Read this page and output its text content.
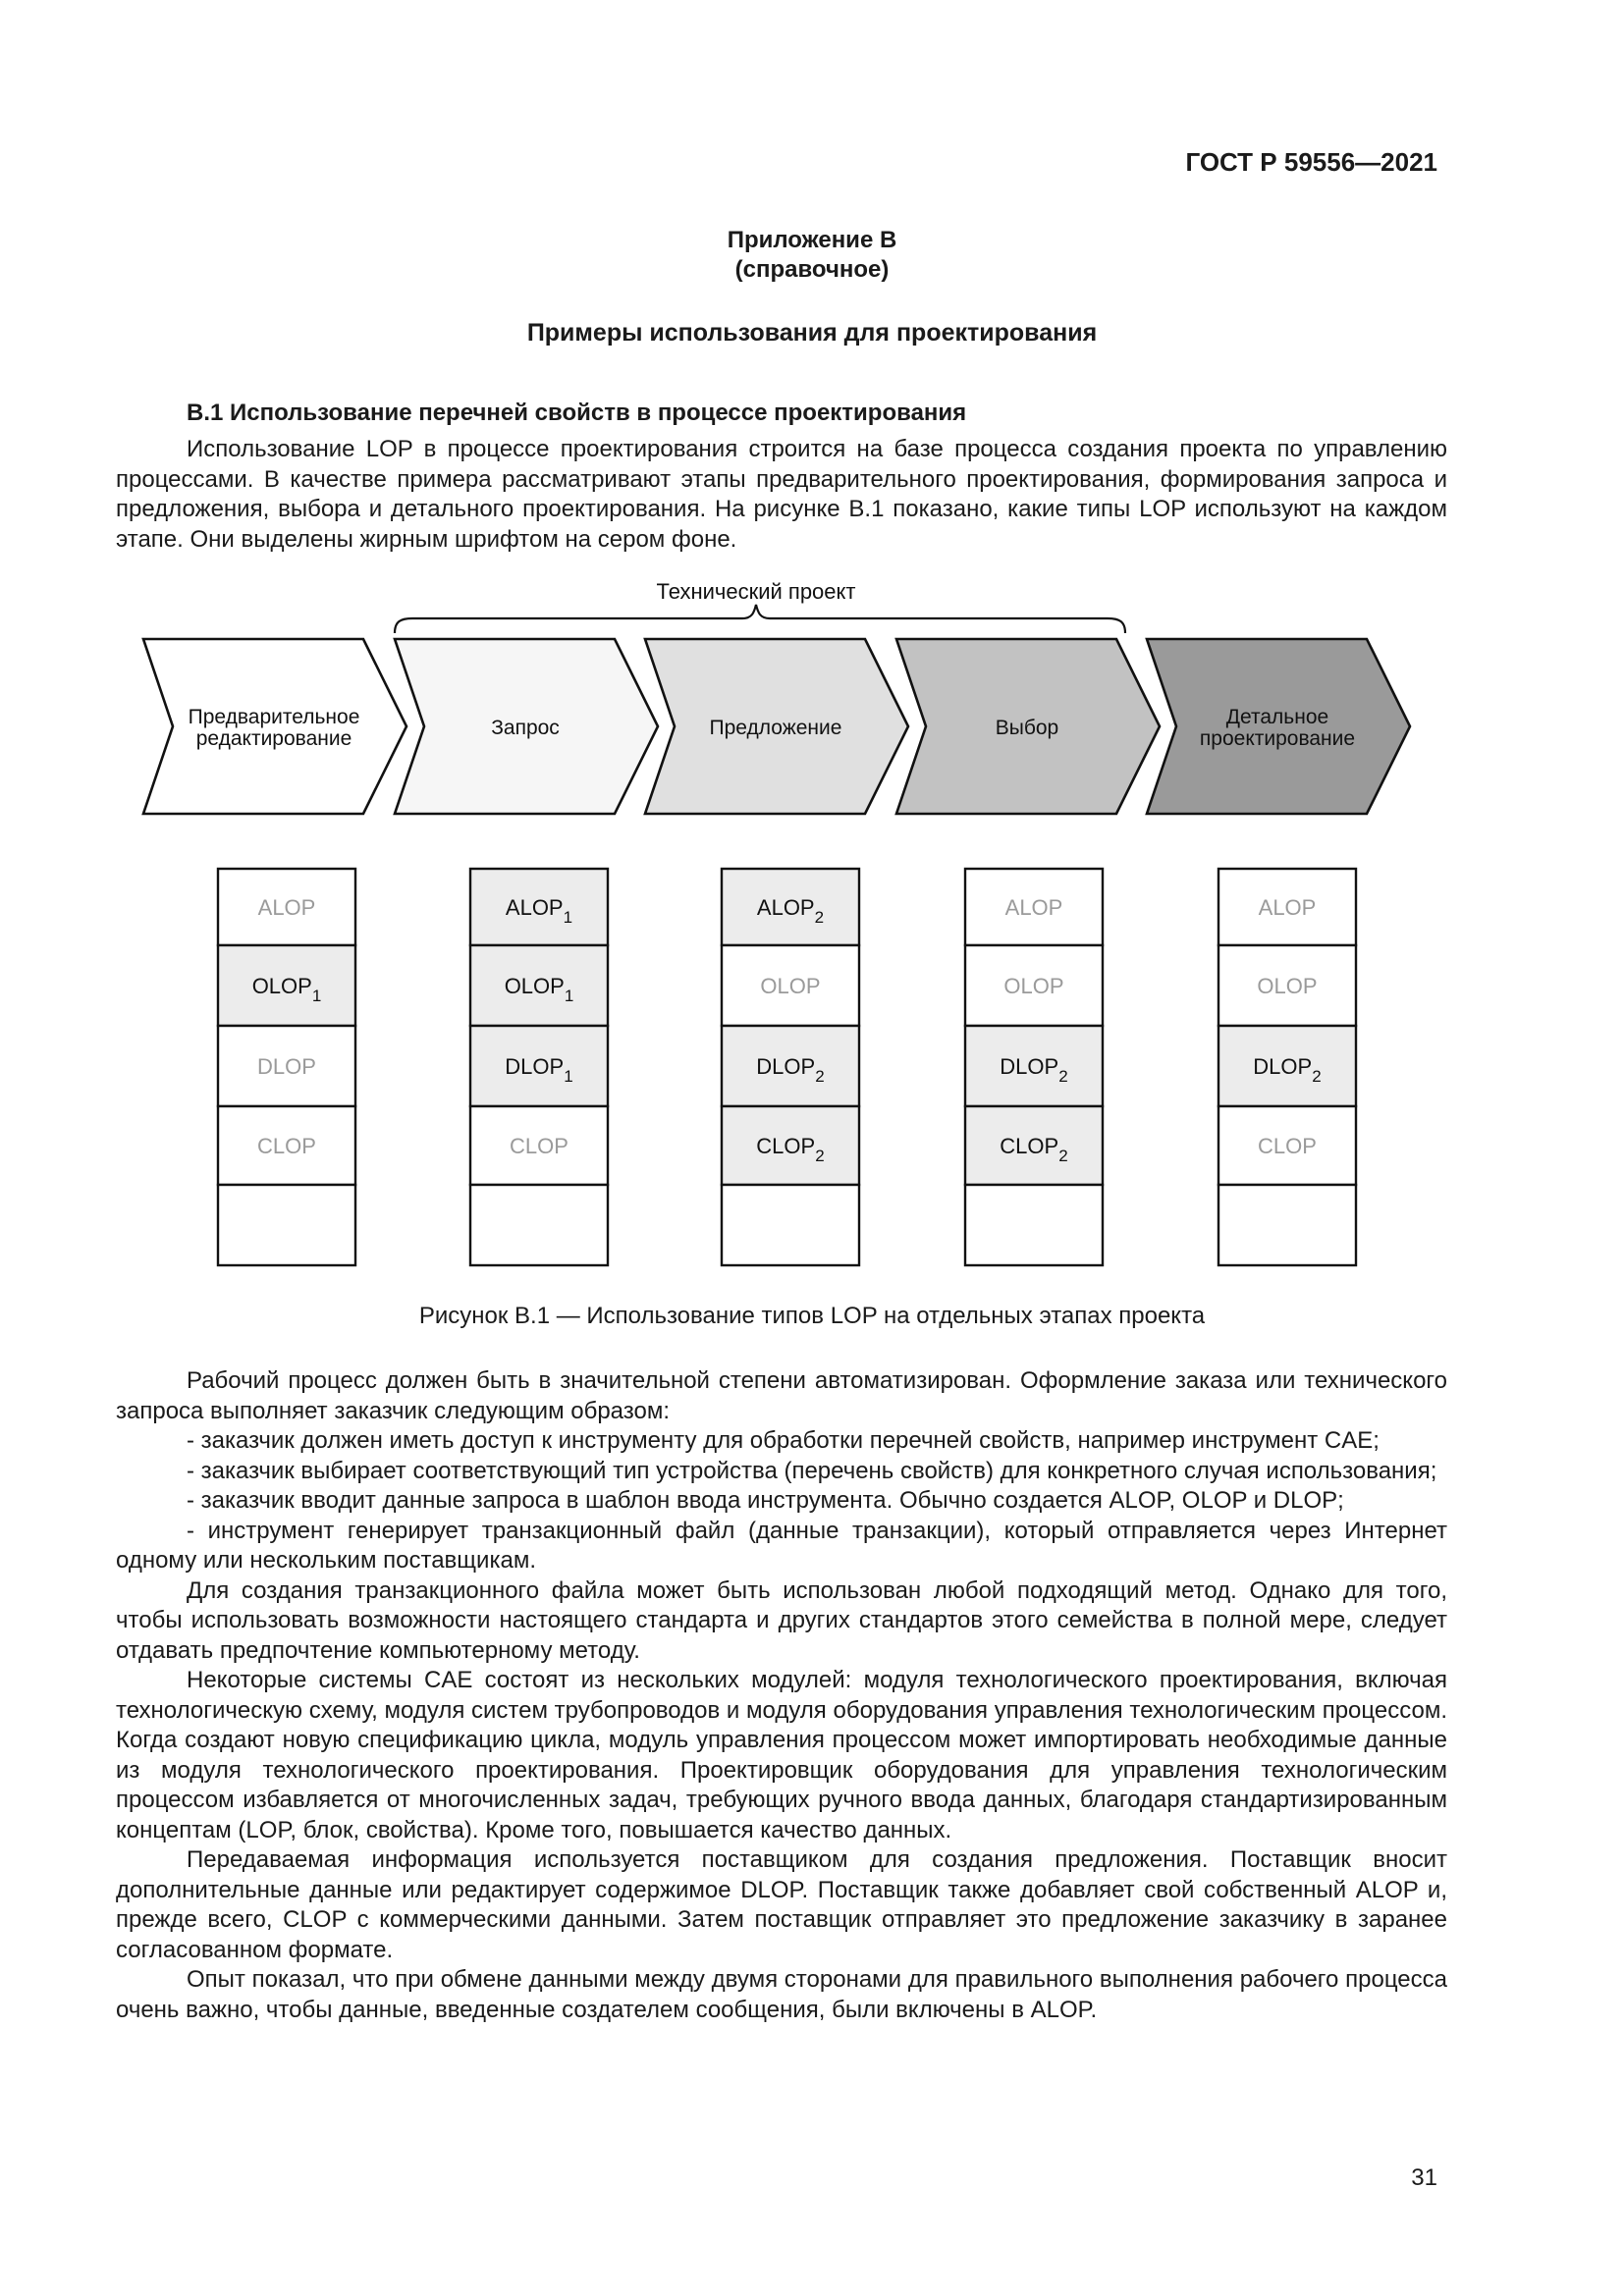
ГОСТ Р 59556—2021
Приложение В
(справочное)
Примеры использования для проектирования
В.1 Использование перечней свойств в процессе проектирования

Использование LOP в процессе проектирования строится на базе процесса создания проекта по управлению процессами. В качестве примера рассматривают этапы предварительного проектирования, формирования запроса и предложения, выбора и детального проектирования. На рисунке В.1 показано, какие типы LOP используют на каждом этапе. Они выделены жирным шрифтом на сером фоне.

Технический проект
Предварительное
редактирование	Запрос	Предложение	Выбор	Детальное
проектирование
ALOP
$OLOP_1$
DLOP
CLOP
$ALOP_1$
$OLOP_1$
$DLOP_1$
CLOP
$ALOP_2$
OLOP
$DLOP_2$
$CLOP_2$
ALOP
OLOP
$DLOP_2$
$CLOP_2$
ALOP
OLOP
$DLOP_2$
CLOP
Рисунок В.1 — Использование типов LOP на отдельных этапах проекта

Рабочий процесс должен быть в значительной степени автоматизирован. Оформление заказа или технического запроса выполняет заказчик следующим образом:

- заказчик должен иметь доступ к инструменту для обработки перечней свойств, например инструмент CAE;

- заказчик выбирает соответствующий тип устройства (перечень свойств) для конкретного случая использования;

- заказчик вводит данные запроса в шаблон ввода инструмента. Обычно создается ALOP, OLOP и DLOP;

- инструмент генерирует транзакционный файл (данные транзакции), который отправляется через Интернет одному или нескольким поставщикам.

Для создания транзакционного файла может быть использован любой подходящий метод. Однако для того, чтобы использовать возможности настоящего стандарта и других стандартов этого семейства в полной мере, следует отдавать предпочтение компьютерному методу.

Некоторые системы CAE состоят из нескольких модулей: модуля технологического проектирования, включая технологическую схему, модуля систем трубопроводов и модуля оборудования управления технологическим процессом. Когда создают новую спецификацию цикла, модуль управления процессом может импортировать необходимые данные из модуля технологического проектирования. Проектировщик оборудования для управления технологическим процессом избавляется от многочисленных задач, требующих ручного ввода данных, благодаря стандартизированным концептам (LOP, блок, свойства). Кроме того, повышается качество данных.

Передаваемая информация используется поставщиком для создания предложения. Поставщик вносит дополнительные данные или редактирует содержимое DLOP. Поставщик также добавляет свой собственный ALOP и, прежде всего, CLOP с коммерческими данными. Затем поставщик отправляет это предложение заказчику в заранее согласованном формате.

Опыт показал, что при обмене данными между двумя сторонами для правильного выполнения рабочего процесса очень важно, чтобы данные, введенные создателем сообщения, были включены в ALOP.

31
